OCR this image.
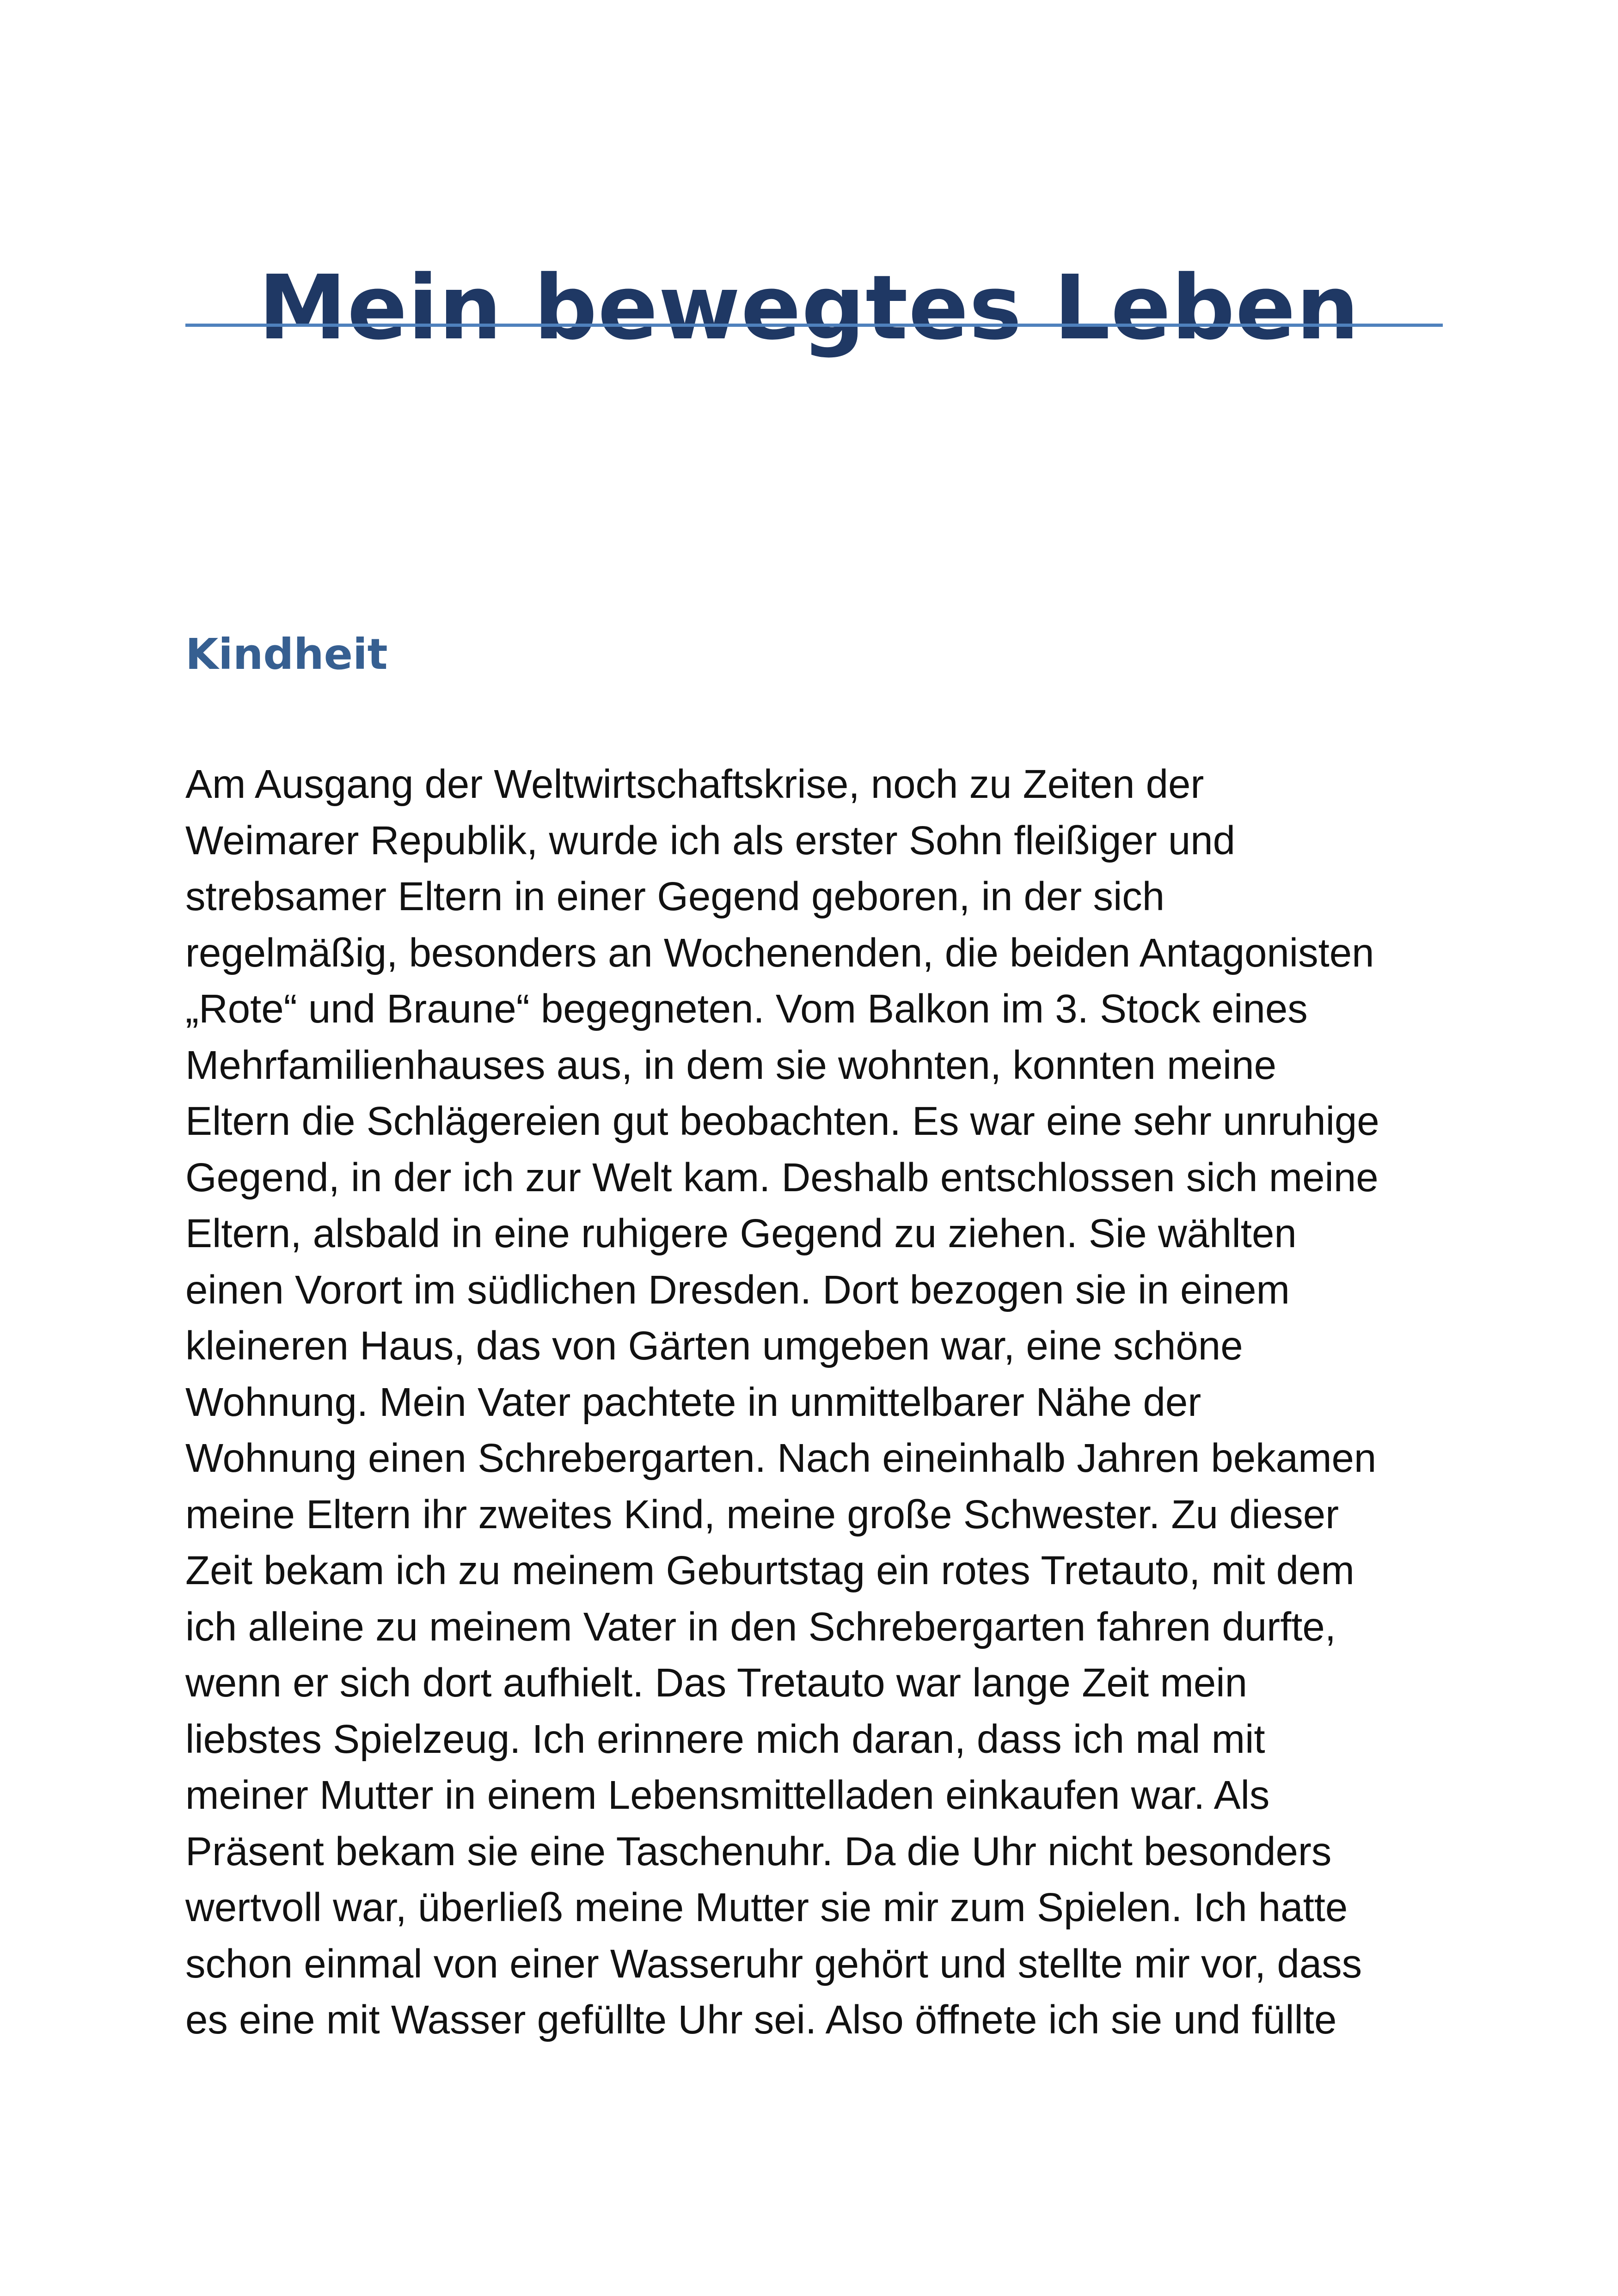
Mein bewegtes Leben
Kindheit

Am Ausgang der Weltwirtschaftskrise, noch zu Zeiten der
Weimarer Republik, wurde ich als erster Sohn fleißiger und
strebsamer Eltern in einer Gegend geboren, in der sich
regelmäßig, besonders an Wochenenden, die beiden Antagonisten
„Rote“ und Braune“ begegneten. Vom Balkon im 3. Stock eines
Mehrfamilienhauses aus, in dem sie wohnten, konnten meine
Eltern die Schlägereien gut beobachten. Es war eine sehr unruhige
Gegend, in der ich zur Welt kam. Deshalb entschlossen sich meine
Eltern, alsbald in eine ruhigere Gegend zu ziehen. Sie wählten
einen Vorort im südlichen Dresden. Dort bezogen sie in einem
kleineren Haus, das von Gärten umgeben war, eine schöne
Wohnung. Mein Vater pachtete in unmittelbarer Nähe der
Wohnung einen Schrebergarten. Nach eineinhalb Jahren bekamen
meine Eltern ihr zweites Kind, meine große Schwester. Zu dieser
Zeit bekam ich zu meinem Geburtstag ein rotes Tretauto, mit dem
ich alleine zu meinem Vater in den Schrebergarten fahren durfte,
wenn er sich dort aufhielt. Das Tretauto war lange Zeit mein
liebstes Spielzeug. Ich erinnere mich daran, dass ich mal mit
meiner Mutter in einem Lebensmittelladen einkaufen war. Als
Präsent bekam sie eine Taschenuhr. Da die Uhr nicht besonders
wertvoll war, überließ meine Mutter sie mir zum Spielen. Ich hatte
schon einmal von einer Wasseruhr gehört und stellte mir vor, dass
es eine mit Wasser gefüllte Uhr sei. Also öffnete ich sie und füllte
